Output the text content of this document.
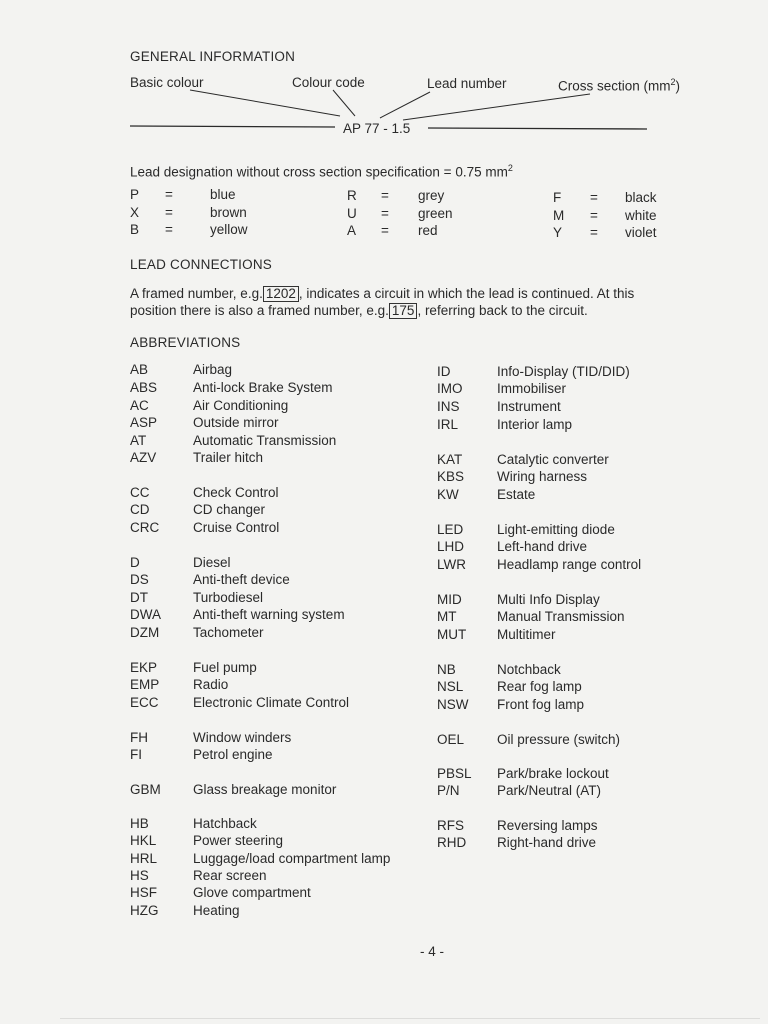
GENERAL INFORMATION
Basic colour	Colour code	Lead number	Cross section $(mm^2)$
AP 77 - 1.5
Lead designation without cross section specification = 0.75 $mm^2$
P =	blue
X =	brown
B =	yellow
R = grey
U = green
A = red
F = black
M = white
Y = violet
LEAD CONNECTIONS
A framed number, e.g. 1202 , indicates a circuit in which the lead is continued. At this
position there is also a framed number, e.g. 175 , referring back to the circuit.
ABBREVIATIONS
AB	Airbag
ABS	Anti-lock Brake System
AC	Air Conditioning
ASP	Outside mirror
AT	Automatic Transmission
AZV	Trailer hitch
CC	Check Control
CD	CD changer
CRC	Cruise Control
D	Diesel
DS	Anti-theft device
DT	Turbodiesel
DWA Anti-theft warning system
DZM	Tachometer
EKP	Fuel pump
EMP Radio
ECC	Electronic Climate Control
FH	Window winders
FI	Petrol engine
GBM Glass breakage monitor
HB	Hatchback
HKL	Power steering
HRL	Luggage/load compartment lamp
HS	Rear screen
HSF	Glove compartment
HZG	Heating
ID	Info-Display (TID/DID)
IMO	Immobiliser
INS	Instrument
IRL	Interior lamp
KAT	Catalytic converter
KBS Wiring harness
KW	Estate
LED Light-emitting diode
LHD Left-hand drive
LWR Headlamp range control
MID	Multi Info Display
MT	Manual Transmission
MUT Multitimer
NB	Notchback
NSL Rear fog lamp
NSW Front fog lamp
OEL Oil pressure (switch)
PBSL Park/brake lockout
P/N	Park/Neutral (AT)
RFS Reversing lamps
RHD Right-hand drive
- 4 -
